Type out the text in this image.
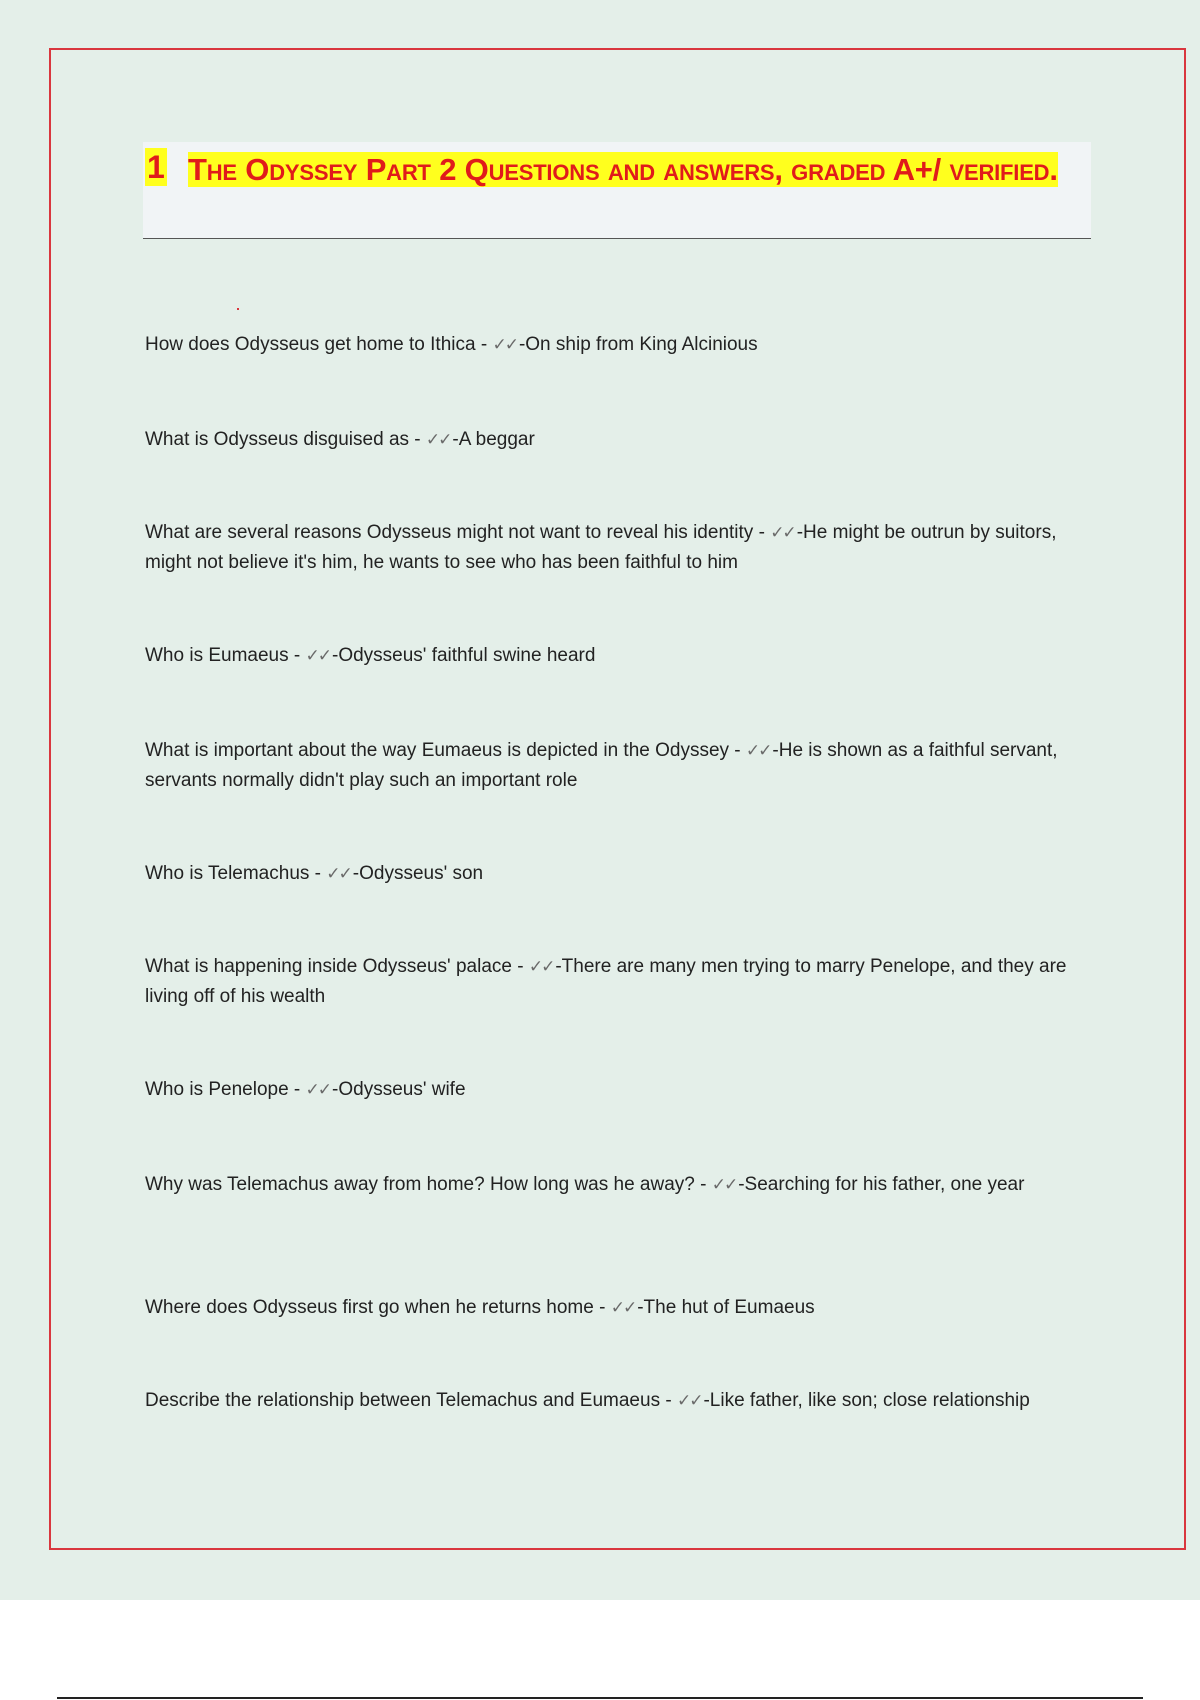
1 The Odyssey Part 2 Questions and answers, graded A+/ verified.
How does Odysseus get home to Ithica - ✓✓ -On ship from King Alcinious
What is Odysseus disguised as - ✓✓ -A beggar
What are several reasons Odysseus might not want to reveal his identity - ✓✓ -He might be outrun by suitors, might not believe it's him, he wants to see who has been faithful to him
Who is Eumaeus - ✓✓ -Odysseus' faithful swine heard
What is important about the way Eumaeus is depicted in the Odyssey - ✓✓ -He is shown as a faithful servant, servants normally didn't play such an important role
Who is Telemachus - ✓✓ -Odysseus' son
What is happening inside Odysseus' palace - ✓✓ -There are many men trying to marry Penelope, and they are living off of his wealth
Who is Penelope - ✓✓ -Odysseus' wife
Why was Telemachus away from home? How long was he away? - ✓✓ -Searching for his father, one year
Where does Odysseus first go when he returns home - ✓✓ -The hut of Eumaeus
Describe the relationship between Telemachus and Eumaeus - ✓✓ -Like father, like son; close relationship
